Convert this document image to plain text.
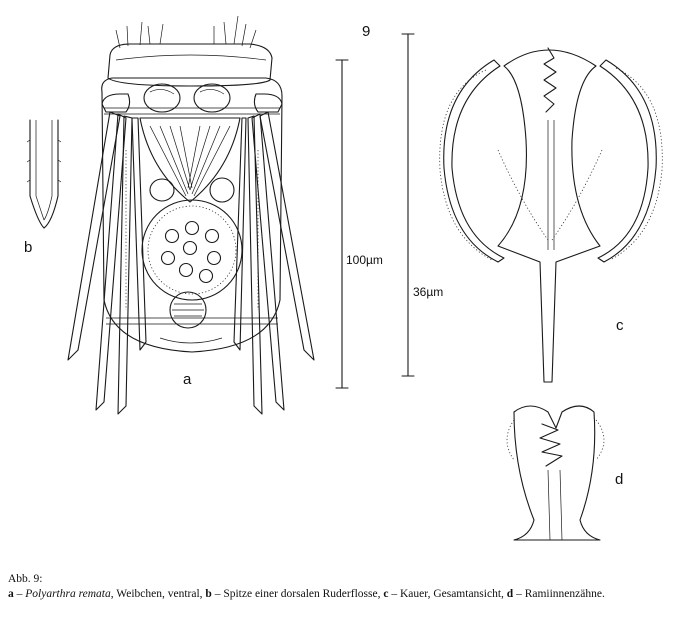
9
a
b
c
d
100µm
36µm
Abb. 9:
a – Polyarthra remata, Weibchen, ventral, b – Spitze einer dorsalen Ruderflosse, c – Kauer, Gesamtansicht, d – Ramiinnenzähne.
